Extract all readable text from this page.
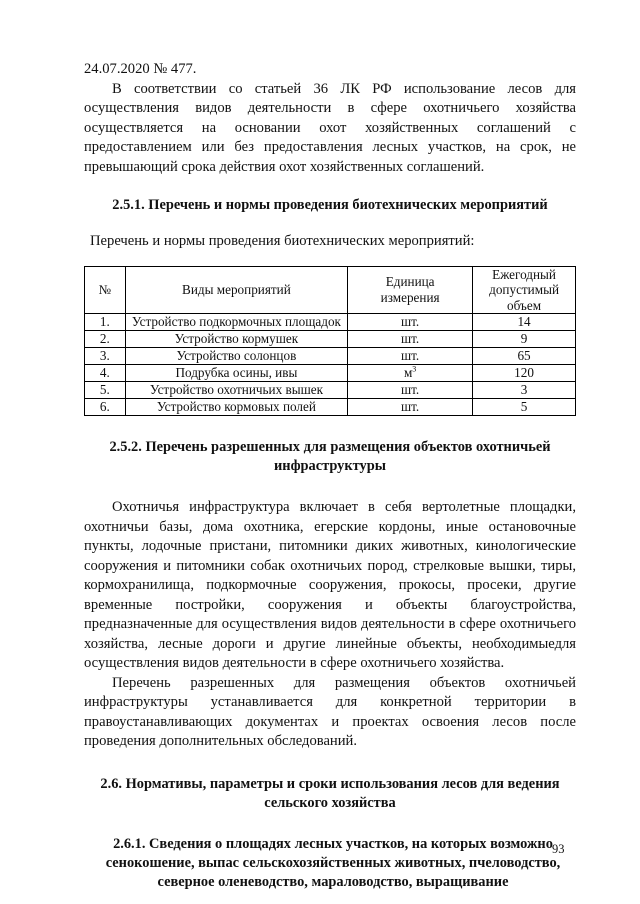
24.07.2020 № 477.

В соответствии со статьей 36 ЛК РФ использование лесов для осуществления видов деятельности в сфере охотничьего хозяйства осуществляется на основании охот хозяйственных соглашений с предоставлением или без предоставления лесных участков, на срок, не превышающий срока действия охот хозяйственных соглашений.

2.5.1. Перечень и нормы проведения биотехнических мероприятий

Перечень и нормы проведения биотехнических мероприятий:

№	Виды мероприятий	Единица измерения	Ежегодный допустимый объем
1.	Устройство подкормочных площадок	шт.	14
2.	Устройство кормушек	шт.	9
3.	Устройство солонцов	шт.	65
4.	Подрубка осины, ивы	$м^3$	120
5.	Устройство охотничьих вышек	шт.	3
6.	Устройство кормовых полей	шт.	5
2.5.2. Перечень разрешенных для размещения объектов охотничьей инфраструктуры

Охотничья инфраструктура включает в себя вертолетные площадки, охотничьи базы, дома охотника, егерские кордоны, иные остановочные пункты, лодочные пристани, питомники диких животных, кинологические сооружения и питомники собак охотничьих пород, стрелковые вышки, тиры, кормохранилища, подкормочные сооружения, прокосы, просеки, другие временные постройки, сооружения и объекты благоустройства, предназначенные для осуществления видов деятельности в сфере охотничьего хозяйства, лесные дороги и другие линейные объекты, необходимыедля осуществления видов деятельности в сфере охотничьего хозяйства.

Перечень разрешенных для размещения объектов охотничьей инфраструктуры устанавливается для конкретной территории в правоустанавливающих документах и проектах освоения лесов после проведения дополнительных обследований.

2.6. Нормативы, параметры и сроки использования лесов для ведения сельского хозяйства
2.6.1. Сведения о площадях лесных участков, на которых возможно сенокошение, выпас сельскохозяйственных животных, пчеловодство, северное оленеводство, мараловодство, выращивание
93
